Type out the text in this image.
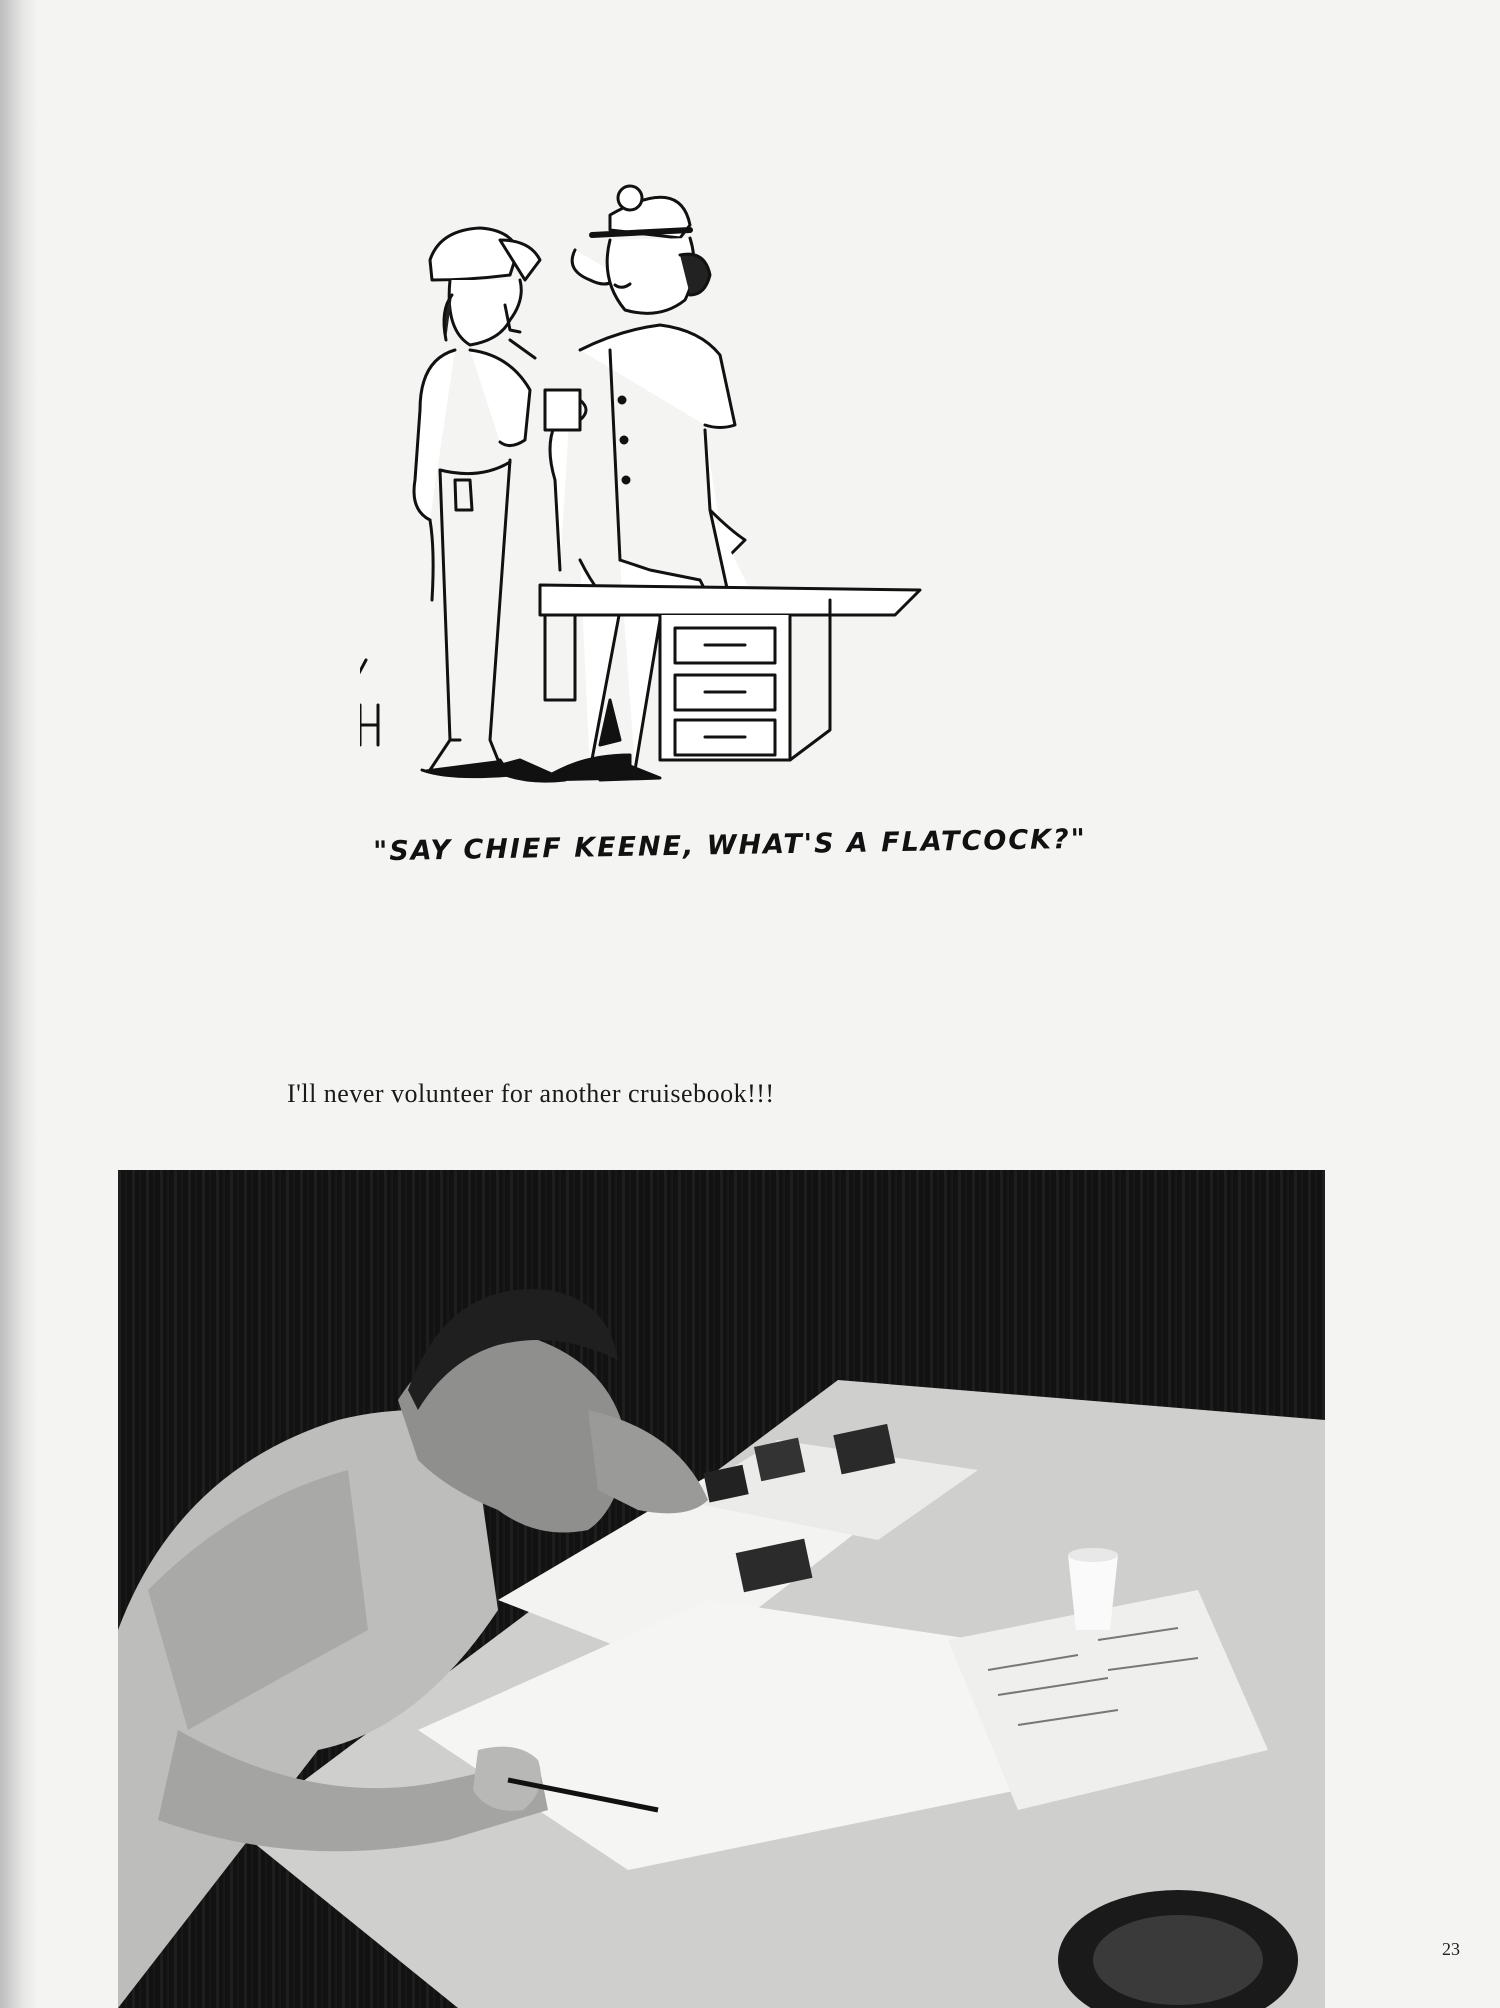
"SAY CHIEF KEENE, WHAT'S A FLATCOCK?"
I'll never volunteer for another cruisebook!!!
23
